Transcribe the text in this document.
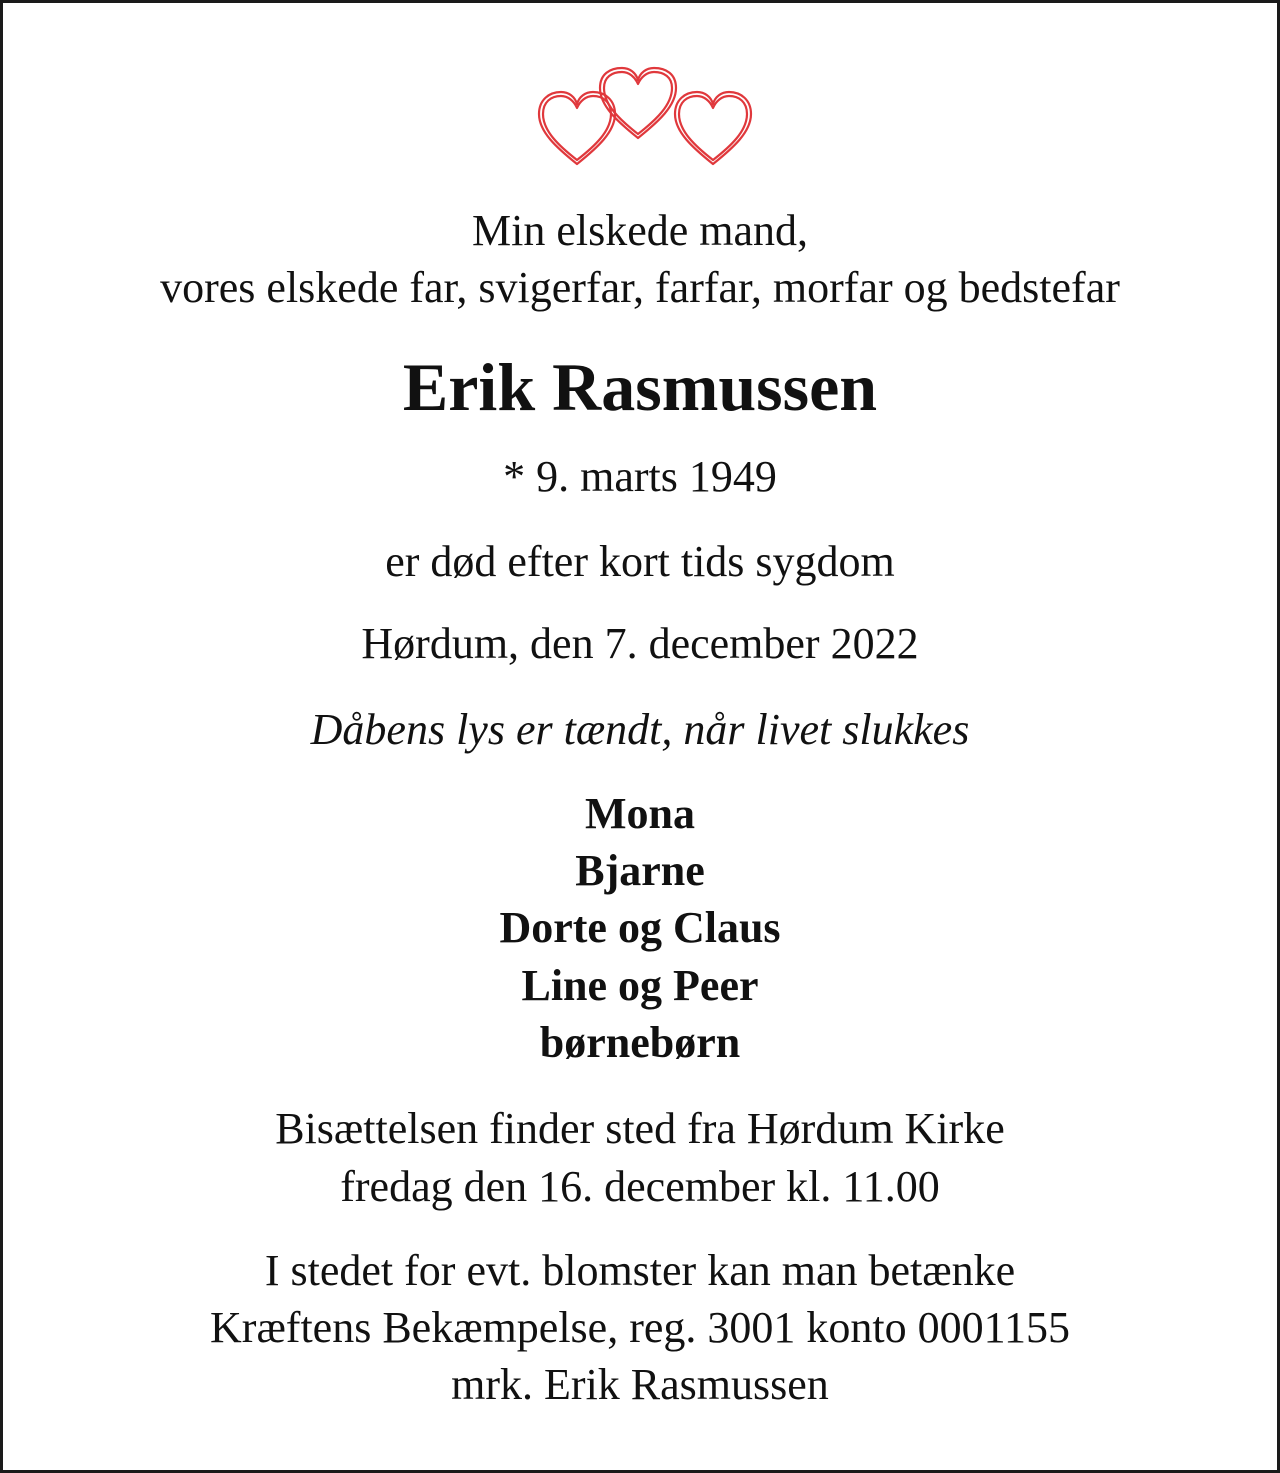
Min elskede mand,

vores elskede far, svigerfar, farfar, morfar og bedstefar

Erik Rasmussen

* 9. marts 1949

er død efter kort tids sygdom

Hørdum, den 7. december 2022

Dåbens lys er tændt, når livet slukkes

Mona

Bjarne

Dorte og Claus

Line og Peer

børnebørn

Bisættelsen finder sted fra Hørdum Kirke

fredag den 16. december kl. 11.00

I stedet for evt. blomster kan man betænke

Kræftens Bekæmpelse, reg. 3001 konto 0001155

mrk. Erik Rasmussen
